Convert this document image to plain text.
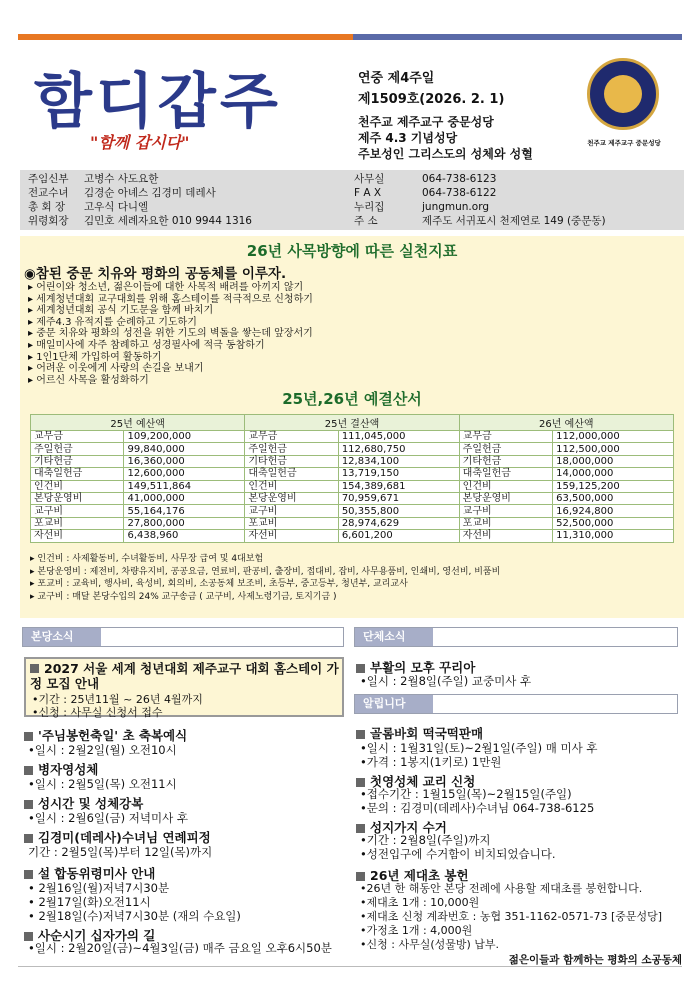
함디갑주
"함께 갑시다"
연중 제4주일
제1509호(2026. 2. 1)
천주교 제주교구 중문성당
제주 4.3 기념성당
주보성인 그리스도의 성체와 성혈
천주교 제주교구 중문성당
주임신부 고병수 사도요한
전교수녀 김경순 아녜스 김경미 데레사
총 회 장 고우식 다니엘
위령회장 김민호 세례자요한 010 9944 1316
사무실	064-738-6123
F A X	064-738-6122
누리집	jungmun.org
주 소	제주도 서귀포시 천제연로 149 (중문동)
26년 사목방향에 따른 실천지표
◉참된 중문 치유와 평화의 공동체를 이루자.
▸ 어린이와 청소년, 젊은이들에 대한 사목적 배려를 아끼지 않기
▸ 세계청년대회 교구대회를 위해 홈스테이를 적극적으로 신청하기
▸ 세계청년대회 공식 기도문을 함께 바치기
▸ 제주4.3 유적지를 순례하고 기도하기
▸ 중문 치유와 평화의 성전을 위한 기도의 벽돌을 쌓는데 앞장서기
▸ 매일미사에 자주 참례하고 성경필사에 적극 동참하기
▸ 1인1단체 가입하여 활동하기
▸ 어려운 이웃에게 사랑의 손길을 보내기
▸ 어르신 사목을 활성화하기
25년,26년 예결산서
25년 예산액		25년 결산액		26년 예산액	
교무금	109,200,000	교무금	111,045,000	교무금	112,000,000
주일헌금	99,840,000	주일헌금	112,680,750	주일헌금	112,500,000
기타헌금	16,360,000	기타헌금	12,834,100	기타헌금	18,000,000
대축일헌금	12,600,000	대축일헌금	13,719,150	대축일헌금	14,000,000
인건비	149,511,864	인건비	154,389,681	인건비	159,125,200
본당운영비	41,000,000	본당운영비	70,959,671	본당운영비	63,500,000
교구비	55,164,176	교구비	50,355,800	교구비	16,924,800
포교비	27,800,000	포교비	28,974,629	포교비	52,500,000
자선비	6,438,960	자선비	6,601,200	자선비	11,310,000
▸ 인건비 : 사제활동비, 수녀활동비, 사무장 급여 및 4대보험
▸ 본당운영비 : 제전비, 차량유지비, 공공요금, 연료비, 판공비, 출장비, 접대비, 잡비, 사무용품비, 인쇄비, 영선비, 비품비
▸ 포교비 : 교육비, 행사비, 육성비, 회의비, 소공동체 보조비, 초등부, 중고등부, 청년부, 교리교사
▸ 교구비 : 매달 본당수입의 24% 교구송금 ( 교구비, 사제노령기금, 토지기금 )
본당소식	단체소식
알립니다
2027 서울 세계 청년대회 제주교구 대회 홈스테이 가정 모집 안내
•기간 : 25년11월 ~ 26년 4월까지
•신청 : 사무실 신청서 접수
'주님봉헌축일' 초 축복예식
•일시 : 2월2일(월) 오전10시
병자영성체
•일시 : 2월5일(목) 오전11시
성시간 및 성체강복
•일시 : 2월6일(금) 저녁미사 후
김경미(데레사)수녀님 연례피정
기간 : 2월5일(목)부터 12일(목)까지
설 합동위령미사 안내
• 2월16일(월)저녁7시30분
• 2월17일(화)오전11시
• 2월18일(수)저녁7시30분 (재의 수요일)
사순시기 십자가의 길
•일시 : 2월20일(금)~4월3일(금) 매주 금요일 오후6시50분
부활의 모후 꾸리아
•일시 : 2월8일(주일) 교중미사 후
골롬바회 떡국떡판매
•일시 : 1월31일(토)~2월1일(주일) 매 미사 후
•가격 : 1봉지(1키로) 1만원
첫영성체 교리 신청
•접수기간 : 1월15일(목)~2월15일(주일)
•문의 : 김경미(데레사)수녀님 064-738-6125
성지가지 수거
•기간 : 2월8일(주일)까지
•성전입구에 수거함이 비치되었습니다.
26년 제대초 봉헌
•26년 한 해동안 본당 전례에 사용할 제대초를 봉헌합니다.
•제대초 1개 : 10,000원
•제대초 신청 계좌번호 : 농협 351-1162-0571-73 [중문성당]
•가정초 1개 : 4,000원
•신청 : 사무실(성물방) 납부.
젊은이들과 함께하는 평화의 소공동체
